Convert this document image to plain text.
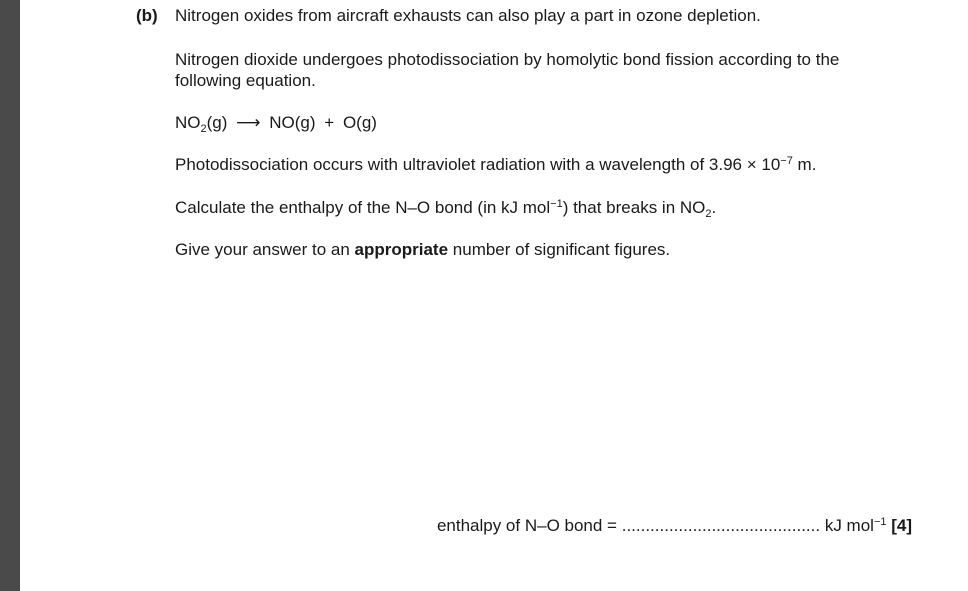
(b) Nitrogen oxides from aircraft exhausts can also play a part in ozone depletion.
Nitrogen dioxide undergoes photodissociation by homolytic bond fission according to the following equation.
$NO_2(g)$ ⟶ NO(g) + O(g)
Photodissociation occurs with ultraviolet radiation with a wavelength of $3.96 \times 10^{-7}$ m.
Calculate the enthalpy of the N–O bond (in kJ mol$^{-1}$) that breaks in $NO_2$.
Give your answer to an appropriate number of significant figures.
enthalpy of N–O bond = .......................................... kJ mol$^{-1}$ [4]
